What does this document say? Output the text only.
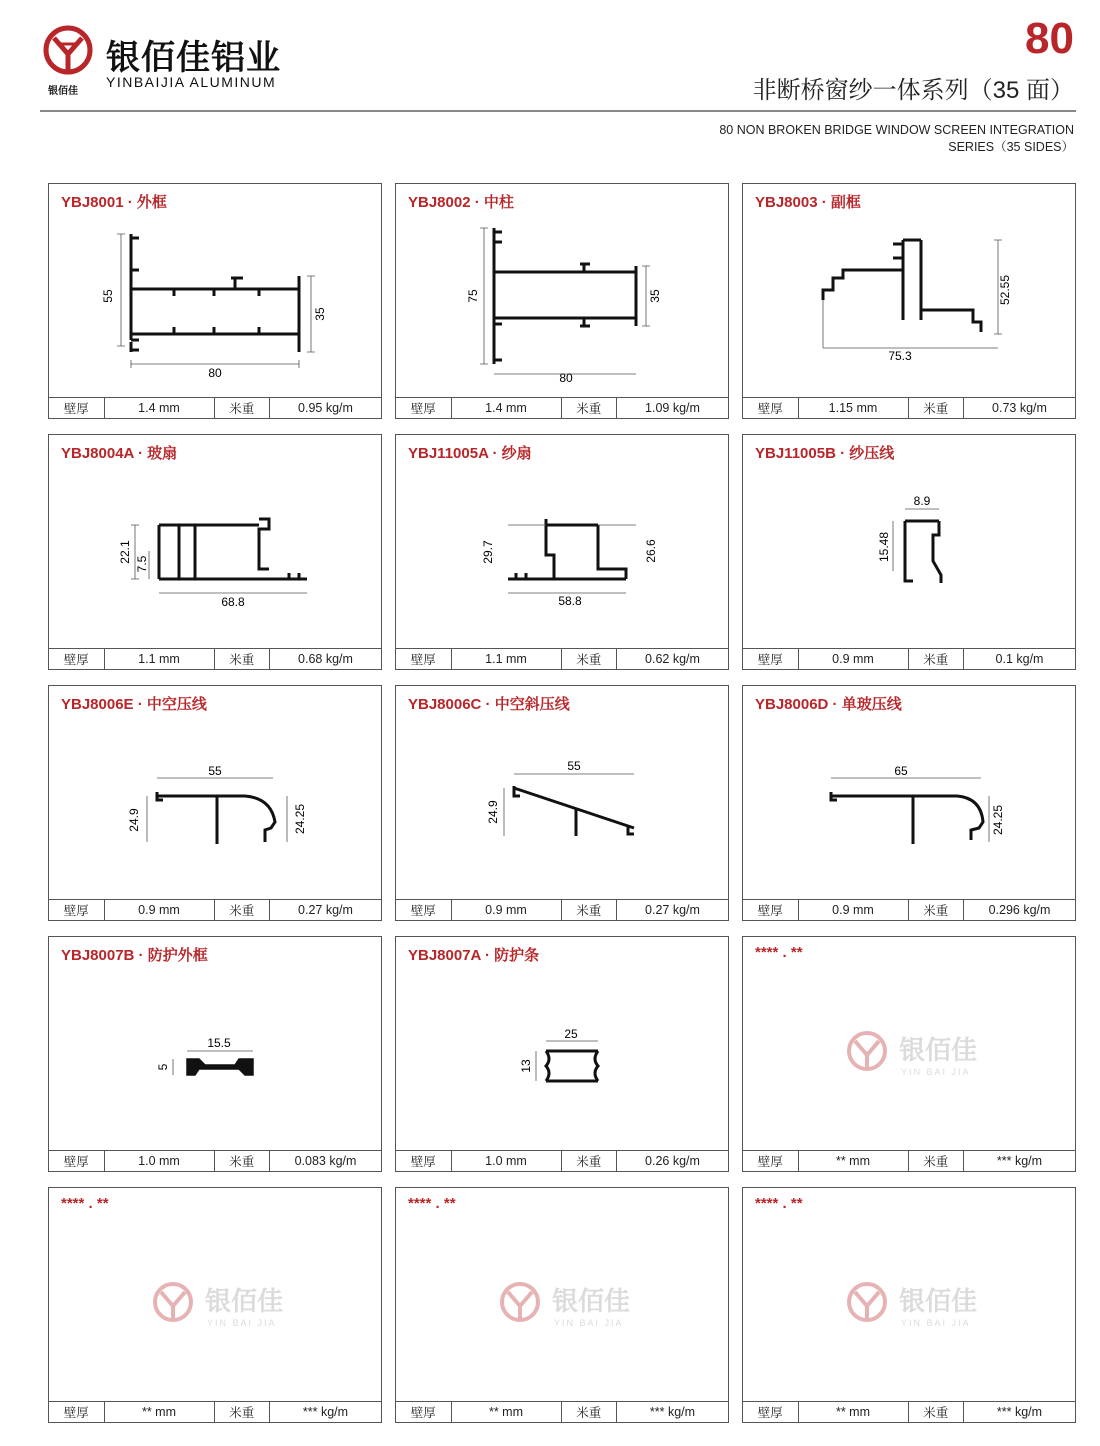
银佰佳铝业
YINBAIJIA ALUMINUM
银佰佳
80
非断桥窗纱一体系列（35 面）
80 NON BROKEN BRIDGE WINDOW SCREEN INTEGRATION
SERIES（35 SIDES）
YBJ8001 · 外框
55
35
80
壁厚	1.4 mm	米重	0.95 kg/m
YBJ8002 · 中柱
75	35
80
壁厚	1.4 mm	米重	1.09 kg/m
YBJ8003 · 副框
52.55
75.3
壁厚	1.15 mm	米重	0.73 kg/m
YBJ8004A · 玻扇
22.1
7.5
68.8
壁厚	1.1 mm	米重	0.68 kg/m
YBJ11005A · 纱扇
29.7	26.6
58.8
壁厚	1.1 mm	米重	0.62 kg/m
YBJ11005B · 纱压线
8.9
15.48
壁厚	0.9 mm	米重	0.1 kg/m
YBJ8006E · 中空压线
55
24.9	24.25
壁厚	0.9 mm	米重	0.27 kg/m
YBJ8006C · 中空斜压线
55
24.9
壁厚	0.9 mm	米重	0.27 kg/m
YBJ8006D · 单玻压线
65
24.25
壁厚	0.9 mm	米重	0.296 kg/m
YBJ8007B · 防护外框
15.5
5
壁厚	1.0 mm	米重	0.083 kg/m
YBJ8007A · 防护条
25
13
壁厚	1.0 mm	米重	0.26 kg/m
**** . **
银佰佳
YIN BAI JIA
壁厚	** mm	米重	*** kg/m
**** . **
银佰佳
YIN BAI JIA
壁厚	** mm	米重	*** kg/m
**** . **
银佰佳
YIN BAI JIA
壁厚	** mm	米重	*** kg/m
**** . **
银佰佳
YIN BAI JIA
壁厚	** mm	米重	*** kg/m
